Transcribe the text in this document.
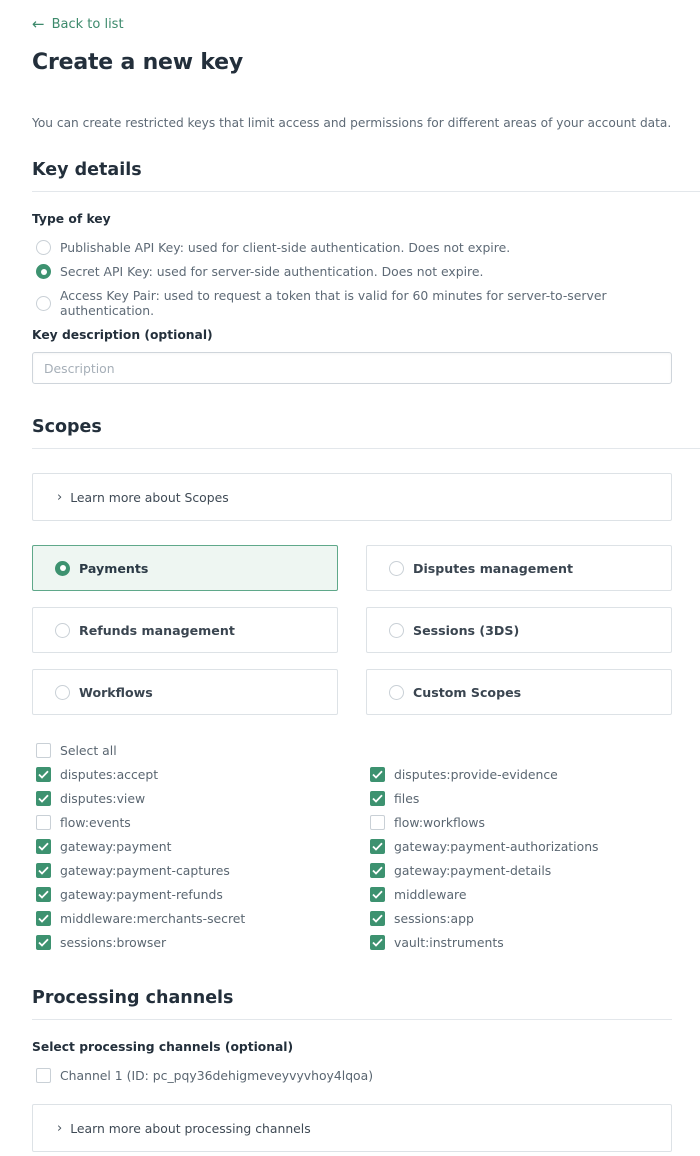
← Back to list
Create a new key

You can create restricted keys that limit access and permissions for different areas of your account data.

Key details
Type of key
Publishable API Key: used for client-side authentication. Does not expire.
Secret API Key: used for server-side authentication. Does not expire.
Access Key Pair: used to request a token that is valid for 60 minutes for server-to-server authentication.
Key description (optional)
Description
Scopes
› Learn more about Scopes
Payments	Disputes management
Refunds management	Sessions (3DS)
Workflows	Custom Scopes
Select all
disputes:accept	disputes:provide-evidence
disputes:view	files
flow:events	flow:workflows
gateway:payment	gateway:payment-authorizations
gateway:payment-captures	gateway:payment-details
gateway:payment-refunds	middleware
middleware:merchants-secret	sessions:app
sessions:browser	vault:instruments
Processing channels
Select processing channels (optional)
Channel 1 (ID: pc_pqy36dehigmeveyvyvhoy4lqoa)
› Learn more about processing channels
